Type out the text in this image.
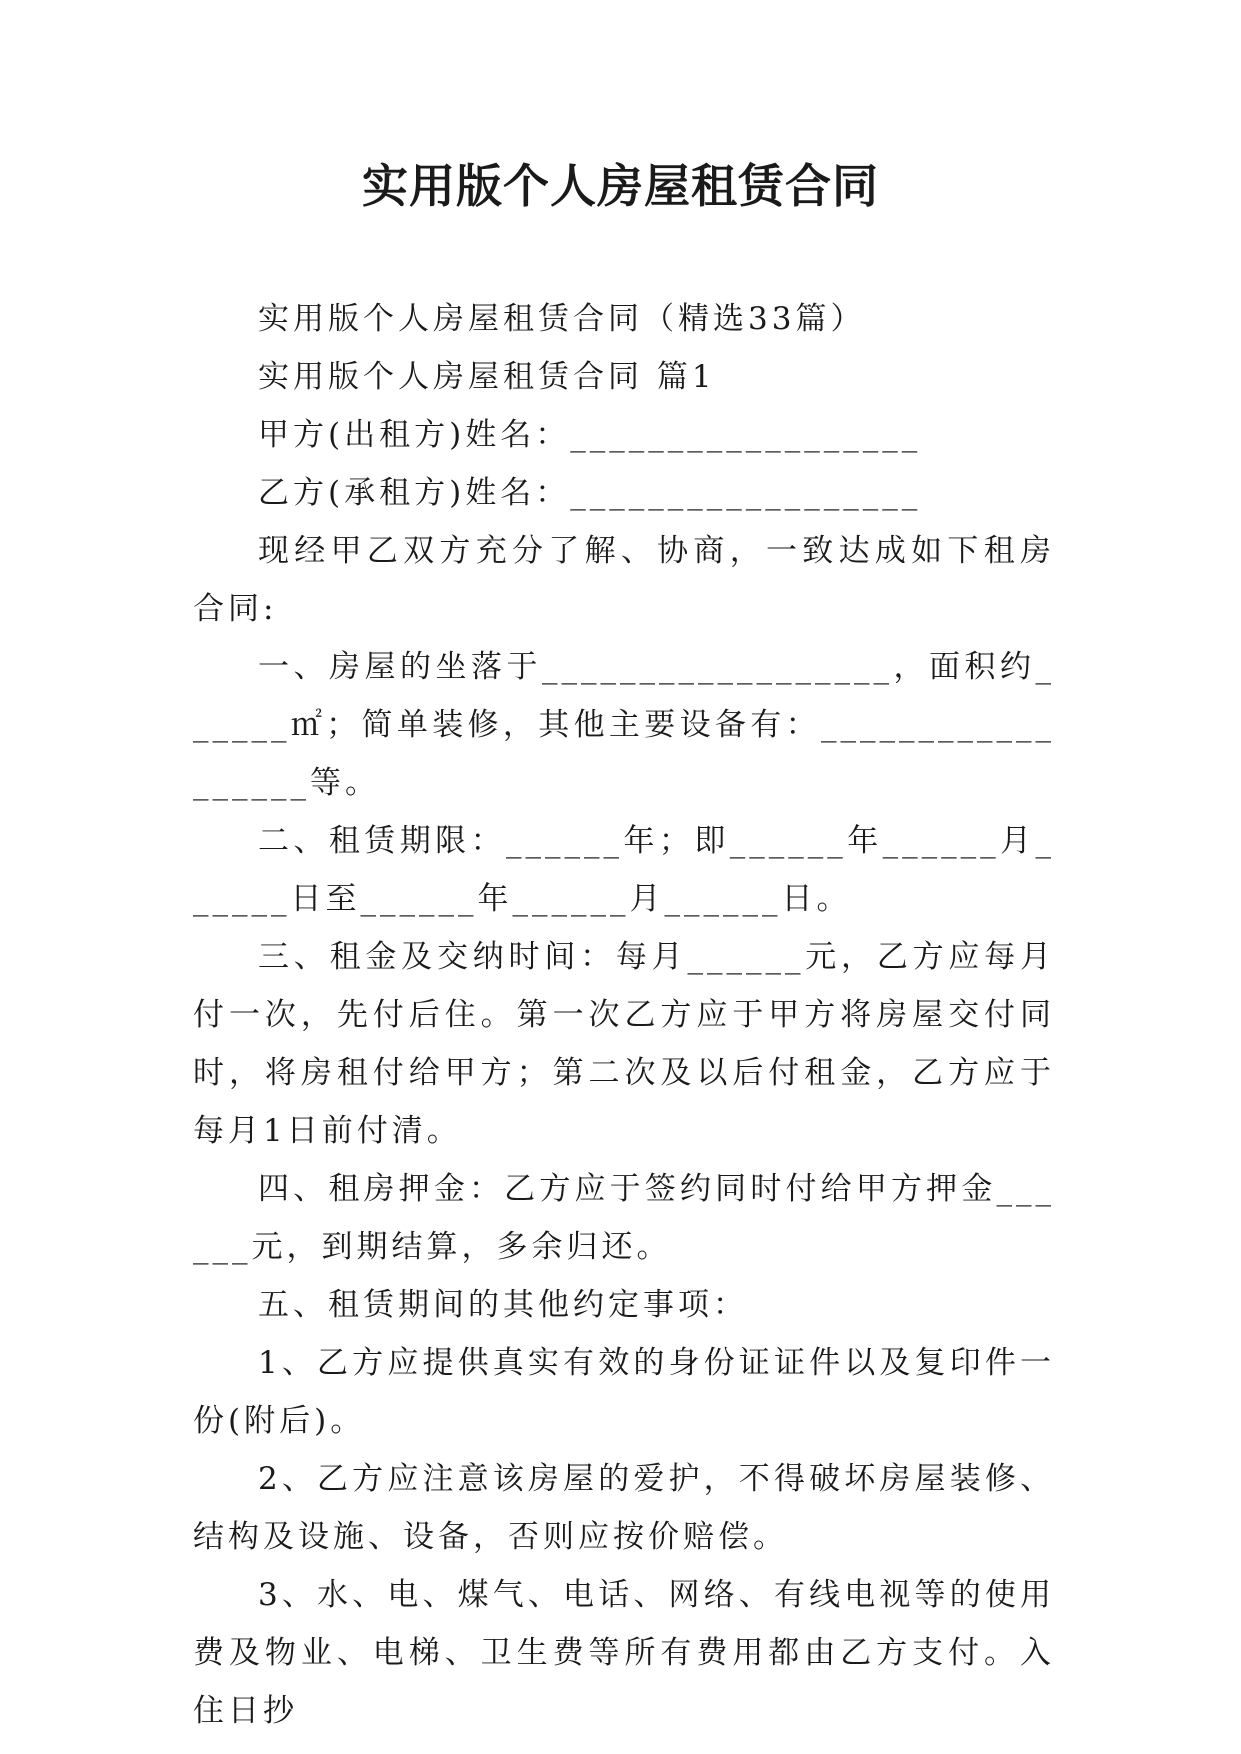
实用版个人房屋租赁合同

实用版个人房屋租赁合同（精选33篇）

实用版个人房屋租赁合同 篇1

甲方(出租方)姓名：__________________

乙方(承租方)姓名：__________________

现经甲乙双方充分了解、协商，一致达成如下租房合同:

一、房屋的坐落于__________________，面积约______㎡；简单装修，其他主要设备有：__________________等。

二、租赁期限：______年；即______年______月______日至______年______月______日。

三、租金及交纳时间：每月______元，乙方应每月付一次，先付后住。第一次乙方应于甲方将房屋交付同时，将房租付给甲方；第二次及以后付租金，乙方应于每月1日前付清。

四、租房押金：乙方应于签约同时付给甲方押金______元，到期结算，多余归还。

五、租赁期间的其他约定事项：

1、乙方应提供真实有效的身份证证件以及复印件一份(附后)。

2、乙方应注意该房屋的爱护，不得破坏房屋装修、结构及设施、设备，否则应按价赔偿。

3、水、电、煤气、电话、网络、有线电视等的使用费及物业、电梯、卫生费等所有费用都由乙方支付。入住日抄
